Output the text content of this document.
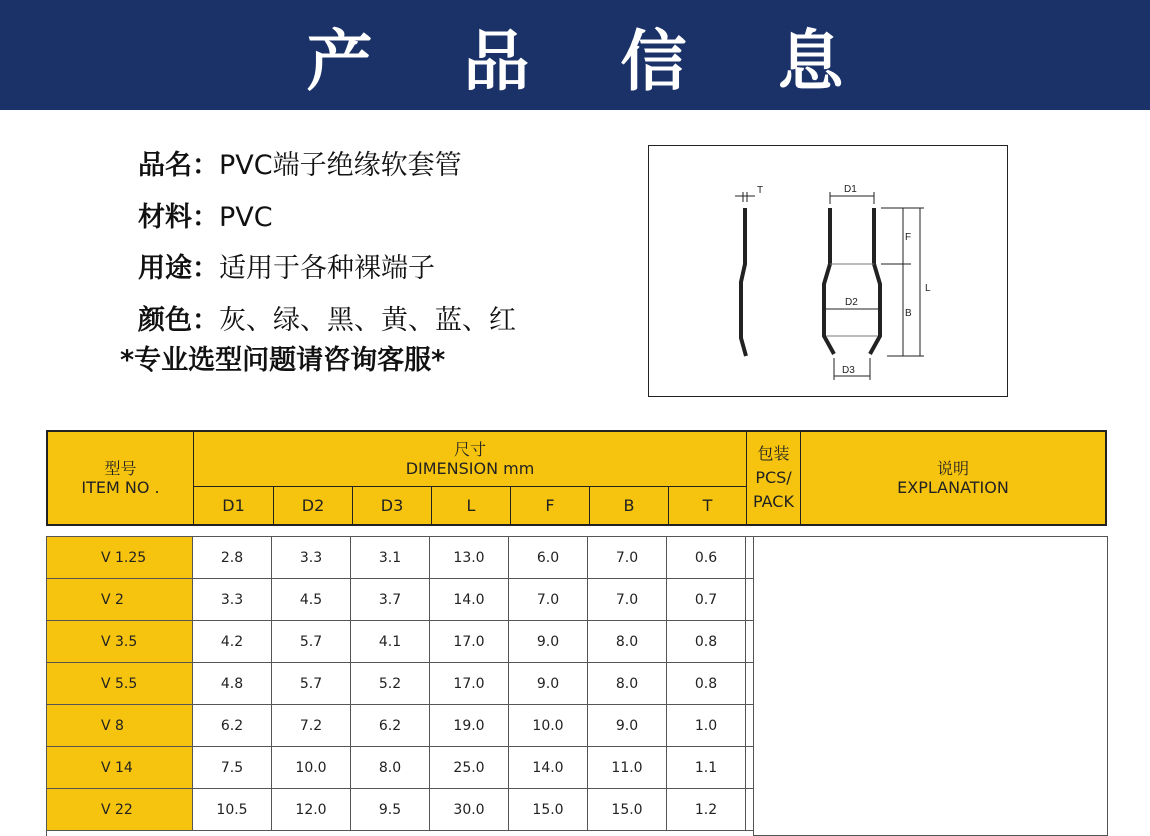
产 品 信 息
品名：PVC端子绝缘软套管
材料：PVC
用途：适用于各种裸端子
颜色：灰、绿、黑、黄、蓝、红
*专业选型问题请咨询客服*
T	D1
D2
D3
F
B
L
型号
ITEM NO .
尺寸
DIMENSION mm
D1	D2	D3	L	F	B	T
包装
PCS/
PACK
说明
EXPLANATION
V 1.25	2.8	3.3	3.1	13.0	6.0	7.0	0.6
V 2	3.3	4.5	3.7	14.0	7.0	7.0	0.7
V 3.5	4.2	5.7	4.1	17.0	9.0	8.0	0.8
V 5.5	4.8	5.7	5.2	17.0	9.0	8.0	0.8
V 8	6.2	7.2	6.2	19.0	10.0	9.0	1.0
V 14	7.5	10.0	8.0	25.0	14.0	11.0	1.1
V 22	10.5	12.0	9.5	30.0	15.0	15.0	1.2
